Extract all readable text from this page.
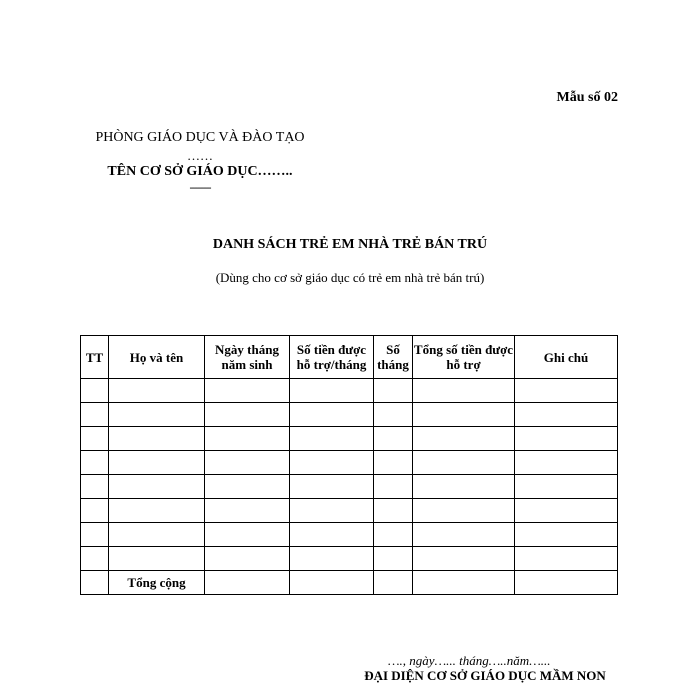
Mẫu số 02
PHÒNG GIÁO DỤC VÀ ĐÀO TẠO
……
TÊN CƠ SỞ GIÁO DỤC……..
-------
DANH SÁCH TRẺ EM NHÀ TRẺ BÁN TRÚ
(Dùng cho cơ sở giáo dục có trẻ em nhà trẻ bán trú)
TT	Họ và tên	Ngày tháng năm sinh	Số tiền được hỗ trợ/tháng	Số tháng	Tổng số tiền được hỗ trợ	Ghi chú

	Tổng cộng					
…., ngày…... tháng…..năm…...
ĐẠI DIỆN CƠ SỞ GIÁO DỤC MẦM NON
